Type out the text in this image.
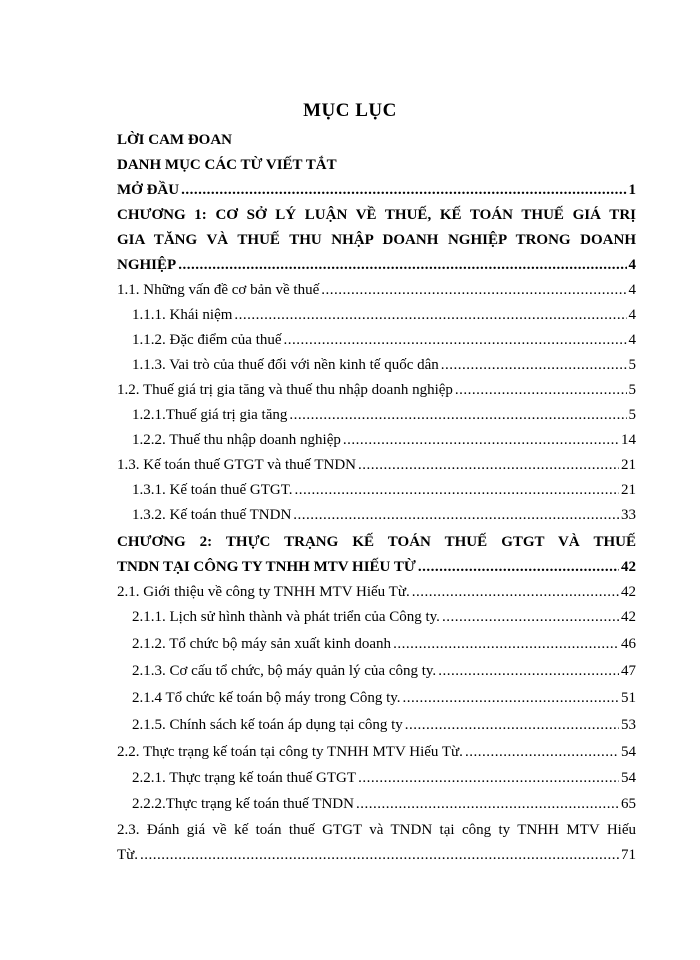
MỤC LỤC
LỜI CAM ĐOAN
DANH MỤC CÁC TỪ VIẾT TẮT
MỞ ĐẦU .....	1
CHƯƠNG 1: CƠ SỞ LÝ LUẬN VỀ THUẾ, KẾ TOÁN THUẾ GIÁ TRỊ
GIA TĂNG VÀ THUẾ THU NHẬP DOANH NGHIỆP TRONG DOANH
NGHIỆP .....	4
1.1. Những vấn đề cơ bản về thuế .....	4
1.1.1. Khái niệm .....	4
1.1.2. Đặc điểm của thuế .....	4
1.1.3. Vai trò của thuế đối với nền kinh tế quốc dân .....	5
1.2. Thuế giá trị gia tăng và thuế thu nhập doanh nghiệp .....	5
1.2.1.Thuế giá trị gia tăng .....	5
1.2.2. Thuế thu nhập doanh nghiệp .....	14
1.3. Kế toán thuế GTGT và thuế TNDN .....	21
1.3.1. Kế toán thuế GTGT. .....	21
1.3.2. Kế toán thuế TNDN .....	33
CHƯƠNG 2: THỰC TRẠNG KẾ TOÁN THUẾ GTGT VÀ THUẾ
TNDN TẠI CÔNG TY TNHH MTV HIẾU TỪ .....	42
2.1. Giới thiệu về công ty TNHH MTV Hiếu Từ. .....	42
2.1.1. Lịch sử hình thành và phát triển của Công ty. .....	42
2.1.2. Tổ chức bộ máy sản xuất kinh doanh .....	46
2.1.3. Cơ cấu tổ chức, bộ máy quản lý của công ty. .....	47
2.1.4 Tổ chức kế toán bộ máy trong Công ty. .....	51
2.1.5. Chính sách kế toán áp dụng tại công ty .....	53
2.2. Thực trạng kế toán tại công ty TNHH MTV Hiếu Từ. .....	54
2.2.1. Thực trạng kế toán thuế GTGT .....	54
2.2.2.Thực trạng kế toán thuế TNDN .....	65
2.3. Đánh giá về kế toán thuế GTGT và TNDN tại công ty TNHH MTV Hiếu
Từ. .....	71
